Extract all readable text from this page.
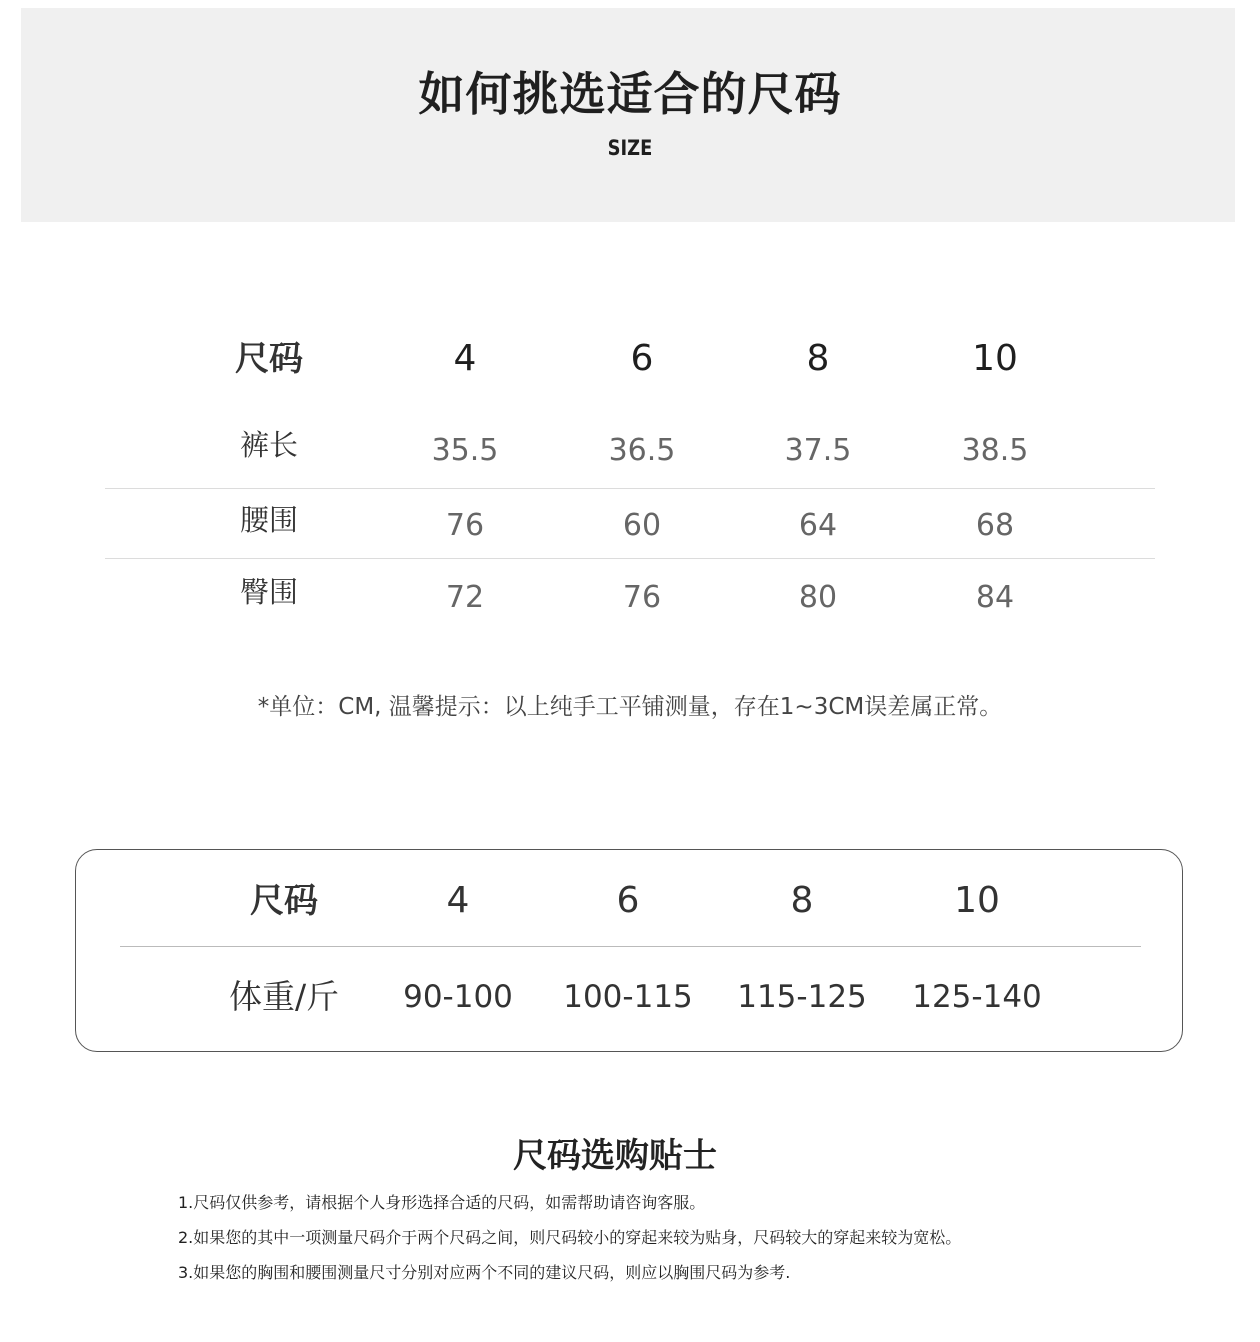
如何挑选适合的尺码
SIZE
尺码	4	6	8	10
裤长	35.5	36.5	37.5	38.5
腰围	76	60	64	68
臀围	72	76	80	84
*单位：CM, 温馨提示：以上纯手工平铺测量，存在1~3CM误差属正常。
尺码	4	6	8	10
体重/斤	90-100	100-115	115-125	125-140
尺码选购贴士
1.尺码仅供参考，请根据个人身形选择合适的尺码，如需帮助请咨询客服。
2.如果您的其中一项测量尺码介于两个尺码之间，则尺码较小的穿起来较为贴身，尺码较大的穿起来较为宽松。
3.如果您的胸围和腰围测量尺寸分别对应两个不同的建议尺码，则应以胸围尺码为参考.
